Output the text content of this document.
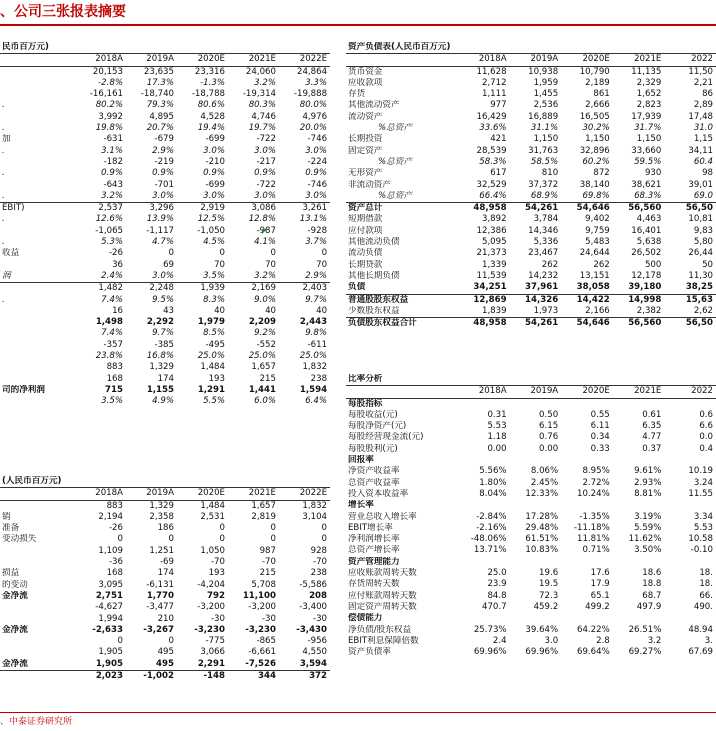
、公司三张报表摘要
民币百万元)					
	2018A	2019A	2020E	2021E	2022E
	20,153	23,635	23,316	24,060	24,864
	-2.8%	17.3%	-1.3%	3.2%	3.3%
	-16,161	-18,740	-18,788	-19,314	-19,888
.	80.2%	79.3%	80.6%	80.3%	80.0%
	3,992	4,895	4,528	4,746	4,976
.	19.8%	20.7%	19.4%	19.7%	20.0%
加	-631	-679	-699	-722	-746
.	3.1%	2.9%	3.0%	3.0%	3.0%
	-182	-219	-210	-217	-224
.	0.9%	0.9%	0.9%	0.9%	0.9%
	-643	-701	-699	-722	-746
.	3.2%	3.0%	3.0%	3.0%	3.0%
EBIT)	2,537	3,296	2,919	3,086	3,261
.	12.6%	13.9%	12.5%	12.8%	13.1%
	-1,065	-1,117	-1,050	-987	-928
.	5.3%	4.7%	4.5%	4.1%	3.7%
收益	-26	0	0	0	0
	36	69	70	70	70
润	2.4%	3.0%	3.5%	3.2%	2.9%
	1,482	2,248	1,939	2,169	2,403
.	7.4%	9.5%	8.3%	9.0%	9.7%
	16	43	40	40	40
	1,498	2,292	1,979	2,209	2,443
	7.4%	9.7%	8.5%	9.2%	9.8%
	-357	-385	-495	-552	-611
	23.8%	16.8%	25.0%	25.0%	25.0%
	883	1,329	1,484	1,657	1,832
	168	174	193	215	238
司的净利润	715	1,155	1,291	1,441	1,594
	3.5%	4.9%	5.5%	6.0%	6.4%
(人民币百万元)					
	2018A	2019A	2020E	2021E	2022E
	883	1,329	1,484	1,657	1,832
销	2,194	2,358	2,531	2,819	3,104
准备	-26	186	0	0	0
变动损失	0	0	0	0	0
	1,109	1,251	1,050	987	928
	-36	-69	-70	-70	-70
损益	168	174	193	215	238
的变动	3,095	-6,131	-4,204	5,708	-5,586
金净流	2,751	1,770	792	11,100	208
	-4,627	-3,477	-3,200	-3,200	-3,400
	1,994	210	-30	-30	-30
金净流	-2,633	-3,267	-3,230	-3,230	-3,430
	0	0	-775	-865	-956
	1,905	495	3,066	-6,661	4,550
金净流	1,905	495	2,291	-7,526	3,594
	2,023	-1,002	-148	344	372
资产负债表(人民币百万元)					
	2018A	2019A	2020E	2021E	2022
货币资金	11,628	10,938	10,790	11,135	11,50
应收款项	2,712	1,959	2,189	2,329	2,21
存货	1,111	1,455	861	1,652	86
其他流动资产	977	2,536	2,666	2,823	2,89
流动资产	16,429	16,889	16,505	17,939	17,48
%总资产	33.6%	31.1%	30.2%	31.7%	31.0
长期投资	421	1,150	1,150	1,150	1,15
固定资产	28,539	31,763	32,896	33,660	34,11
%总资产	58.3%	58.5%	60.2%	59.5%	60.4
无形资产	617	810	872	930	98
非流动资产	32,529	37,372	38,140	38,621	39,01
%总资产	66.4%	68.9%	69.8%	68.3%	69.0
资产总计	48,958	54,261	54,646	56,560	56,50
短期借款	3,892	3,784	9,402	4,463	10,81
应付款项	12,386	14,346	9,759	16,401	9,83
其他流动负债	5,095	5,336	5,483	5,638	5,80
流动负债	21,373	23,467	24,644	26,502	26,44
长期贷款	1,339	262	262	500	50
其他长期负债	11,539	14,232	13,151	12,178	11,30
负债	34,251	37,961	38,058	39,180	38,25
普通股股东权益	12,869	14,326	14,422	14,998	15,63
少数股东权益	1,839	1,973	2,166	2,382	2,62
负债股东权益合计	48,958	54,261	54,646	56,560	56,50
比率分析					
	2018A	2019A	2020E	2021E	2022
每股指标					
每股收益(元)	0.31	0.50	0.55	0.61	0.6
每股净资产(元)	5.53	6.15	6.11	6.35	6.6
每股经营现金流(元)	1.18	0.76	0.34	4.77	0.0
每股股利(元)	0.00	0.00	0.33	0.37	0.4
回报率					
净资产收益率	5.56%	8.06%	8.95%	9.61%	10.19
总资产收益率	1.80%	2.45%	2.72%	2.93%	3.24
投入资本收益率	8.04%	12.33%	10.24%	8.81%	11.55
增长率					
营业总收入增长率	-2.84%	17.28%	-1.35%	3.19%	3.34
EBIT增长率	-2.16%	29.48%	-11.18%	5.59%	5.53
净利润增长率	-48.06%	61.51%	11.81%	11.62%	10.58
总资产增长率	13.71%	10.83%	0.71%	3.50%	-0.10
资产管理能力					
应收账款周转天数	25.0	19.6	17.6	18.6	18.
存货周转天数	23.9	19.5	17.9	18.8	18.
应付账款周转天数	84.8	72.3	65.1	68.7	66.
固定资产周转天数	470.7	459.2	499.2	497.9	490.
偿债能力					
净负债/股东权益	25.73%	39.64%	64.22%	26.51%	48.94
EBIT利息保障倍数	2.4	3.0	2.8	3.2	3.
资产负债率	69.96%	69.96%	69.64%	69.27%	67.69
、中泰证券研究所
